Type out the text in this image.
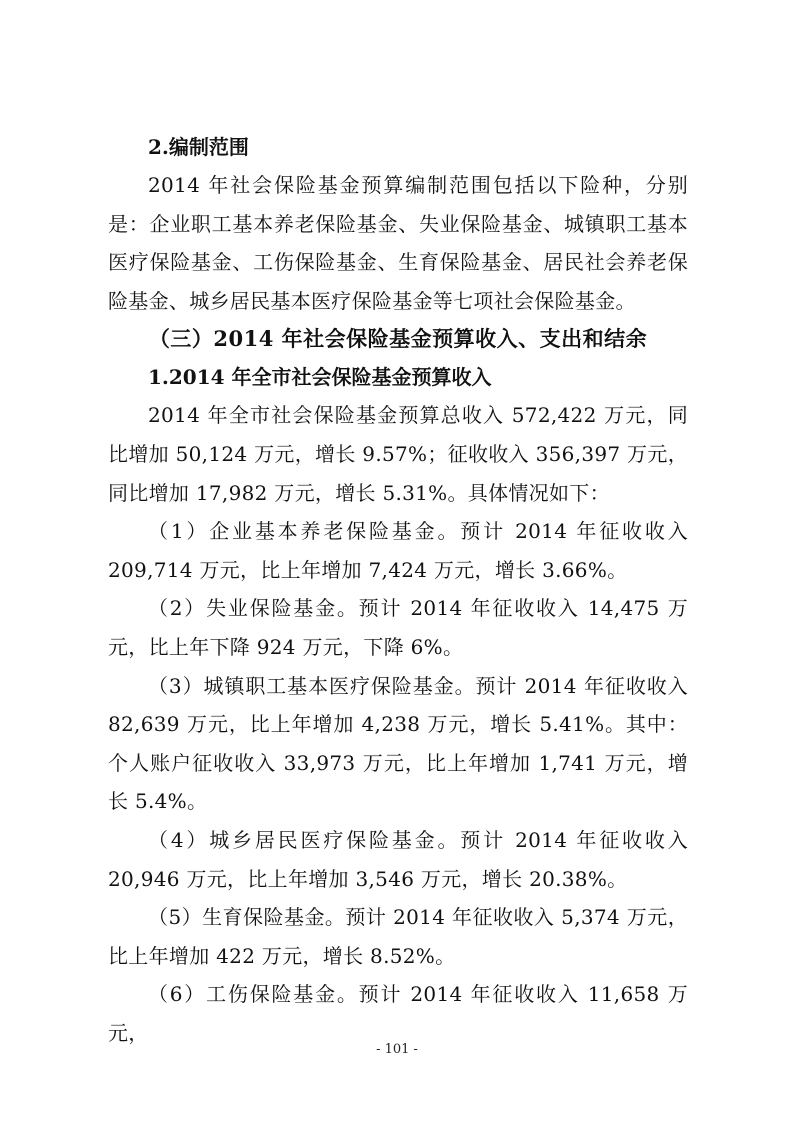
2.编制范围

2014 年社会保险基金预算编制范围包括以下险种，分别是：企业职工基本养老保险基金、失业保险基金、城镇职工基本医疗保险基金、工伤保险基金、生育保险基金、居民社会养老保险基金、城乡居民基本医疗保险基金等七项社会保险基金。

（三）2014 年社会保险基金预算收入、支出和结余
1.2014 年全市社会保险基金预算收入

2014 年全市社会保险基金预算总收入 572,422 万元，同比增加 50,124 万元，增长 9.57%；征收收入 356,397 万元，同比增加 17,982 万元，增长 5.31%。具体情况如下：

（1）企业基本养老保险基金。预计 2014 年征收收入 209,714 万元，比上年增加 7,424 万元，增长 3.66%。

（2）失业保险基金。预计 2014 年征收收入 14,475 万元，比上年下降 924 万元，下降 6%。

（3）城镇职工基本医疗保险基金。预计 2014 年征收收入 82,639 万元，比上年增加 4,238 万元，增长 5.41%。其中：个人账户征收收入 33,973 万元，比上年增加 1,741 万元，增长 5.4%。

（4）城乡居民医疗保险基金。预计 2014 年征收收入 20,946 万元，比上年增加 3,546 万元，增长 20.38%。

（5）生育保险基金。预计 2014 年征收收入 5,374 万元，比上年增加 422 万元，增长 8.52%。

（6）工伤保险基金。预计 2014 年征收收入 11,658 万元，

- 101 -
